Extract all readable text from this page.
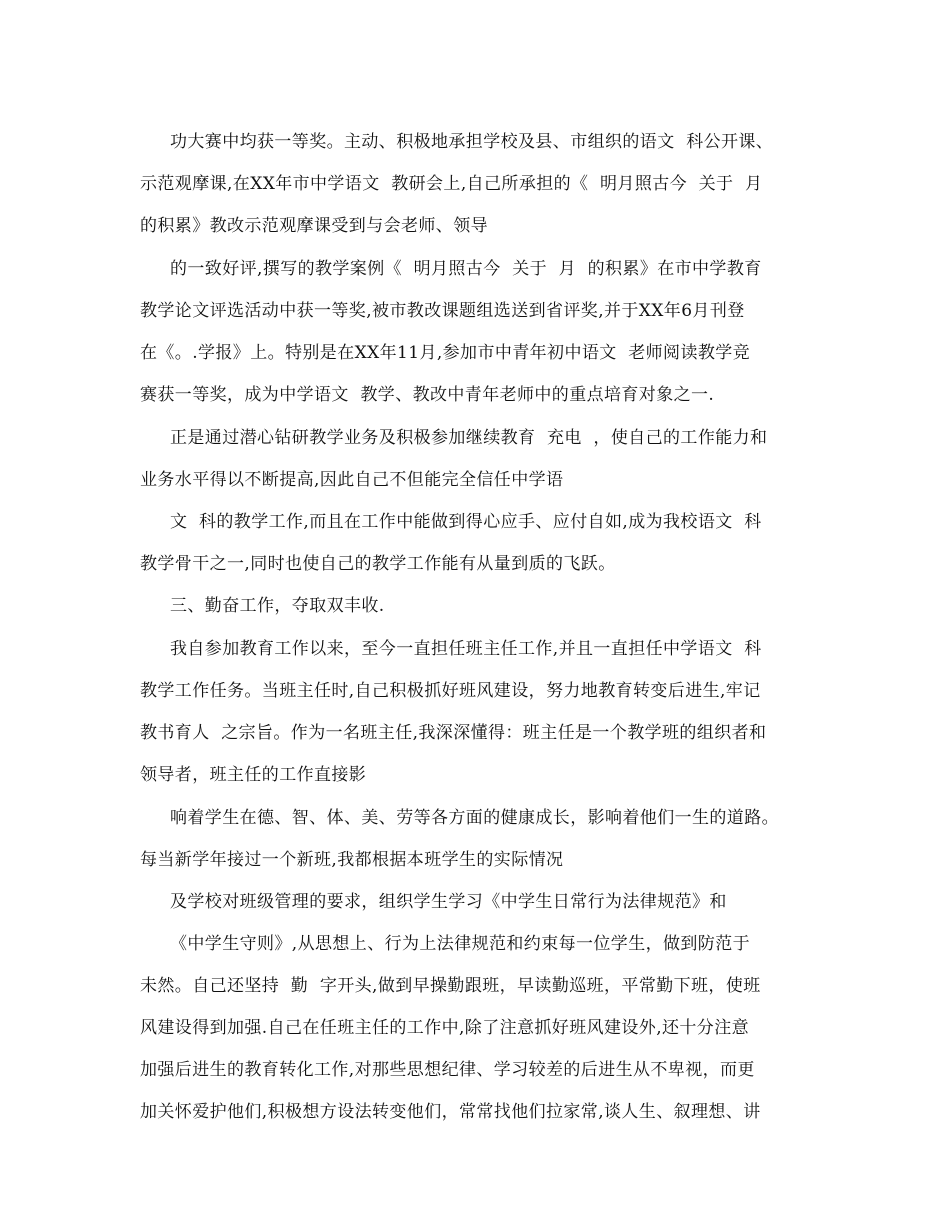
功大赛中均获一等奖。主动、积极地承担学校及县、市组织的语文  科公开课、
示范观摩课,在XX年市中学语文  教研会上,自己所承担的《  明月照古今  关于  月
的积累》教改示范观摩课受到与会老师、领导
的一致好评,撰写的教学案例《  明月照古今  关于  月  的积累》在市中学教育
教学论文评选活动中获一等奖,被市教改课题组选送到省评奖,并于XX年6月刊登
在《。.学报》上。特别是在XX年11月,参加市中青年初中语文  老师阅读教学竞
赛获一等奖，成为中学语文  教学、教改中青年老师中的重点培育对象之一.
正是通过潜心钻研教学业务及积极参加继续教育  充电  ，使自己的工作能力和
业务水平得以不断提高,因此自己不但能完全信任中学语
文  科的教学工作,而且在工作中能做到得心应手、应付自如,成为我校语文  科
教学骨干之一,同时也使自己的教学工作能有从量到质的飞跃。
三、勤奋工作，夺取双丰收.
我自参加教育工作以来，至今一直担任班主任工作,并且一直担任中学语文  科
教学工作任务。当班主任时,自己积极抓好班风建设，努力地教育转变后进生,牢记
教书育人  之宗旨。作为一名班主任,我深深懂得：班主任是一个教学班的组织者和
领导者，班主任的工作直接影
响着学生在德、智、体、美、劳等各方面的健康成长，影响着他们一生的道路。
每当新学年接过一个新班,我都根据本班学生的实际情况
及学校对班级管理的要求，组织学生学习《中学生日常行为法律规范》和
《中学生守则》,从思想上、行为上法律规范和约束每一位学生，做到防范于
未然。自己还坚持  勤  字开头,做到早操勤跟班，早读勤巡班，平常勤下班，使班
风建设得到加强.自己在任班主任的工作中,除了注意抓好班风建设外,还十分注意
加强后进生的教育转化工作,对那些思想纪律、学习较差的后进生从不卑视，而更
加关怀爱护他们,积极想方设法转变他们，常常找他们拉家常,谈人生、叙理想、讲
